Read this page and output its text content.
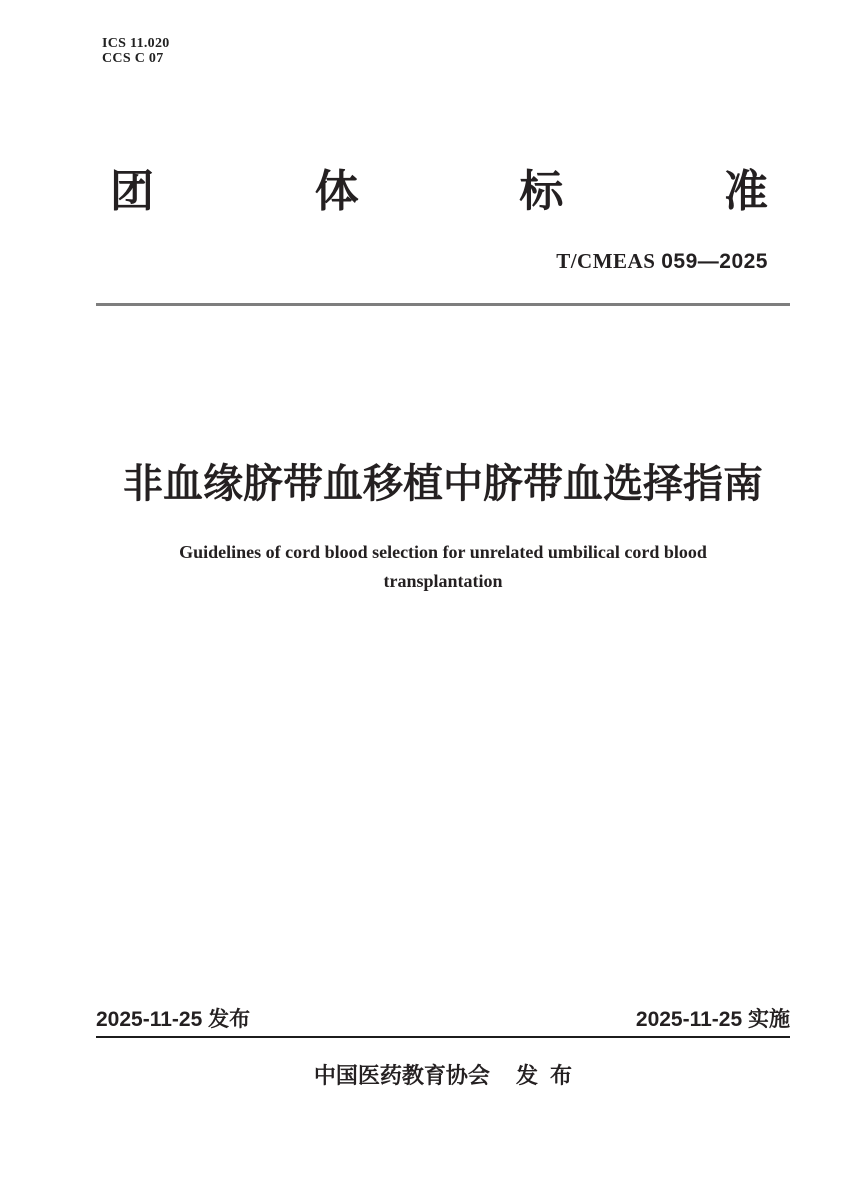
ICS 11.020
CCS C 07
团	体	标	准
T/CMEAS 059—2025
非血缘脐带血移植中脐带血选择指南
Guidelines of cord blood selection for unrelated umbilical cord blood
transplantation
2025-11-25 发布	2025-11-25 实施
中国医药教育协会 发 布
